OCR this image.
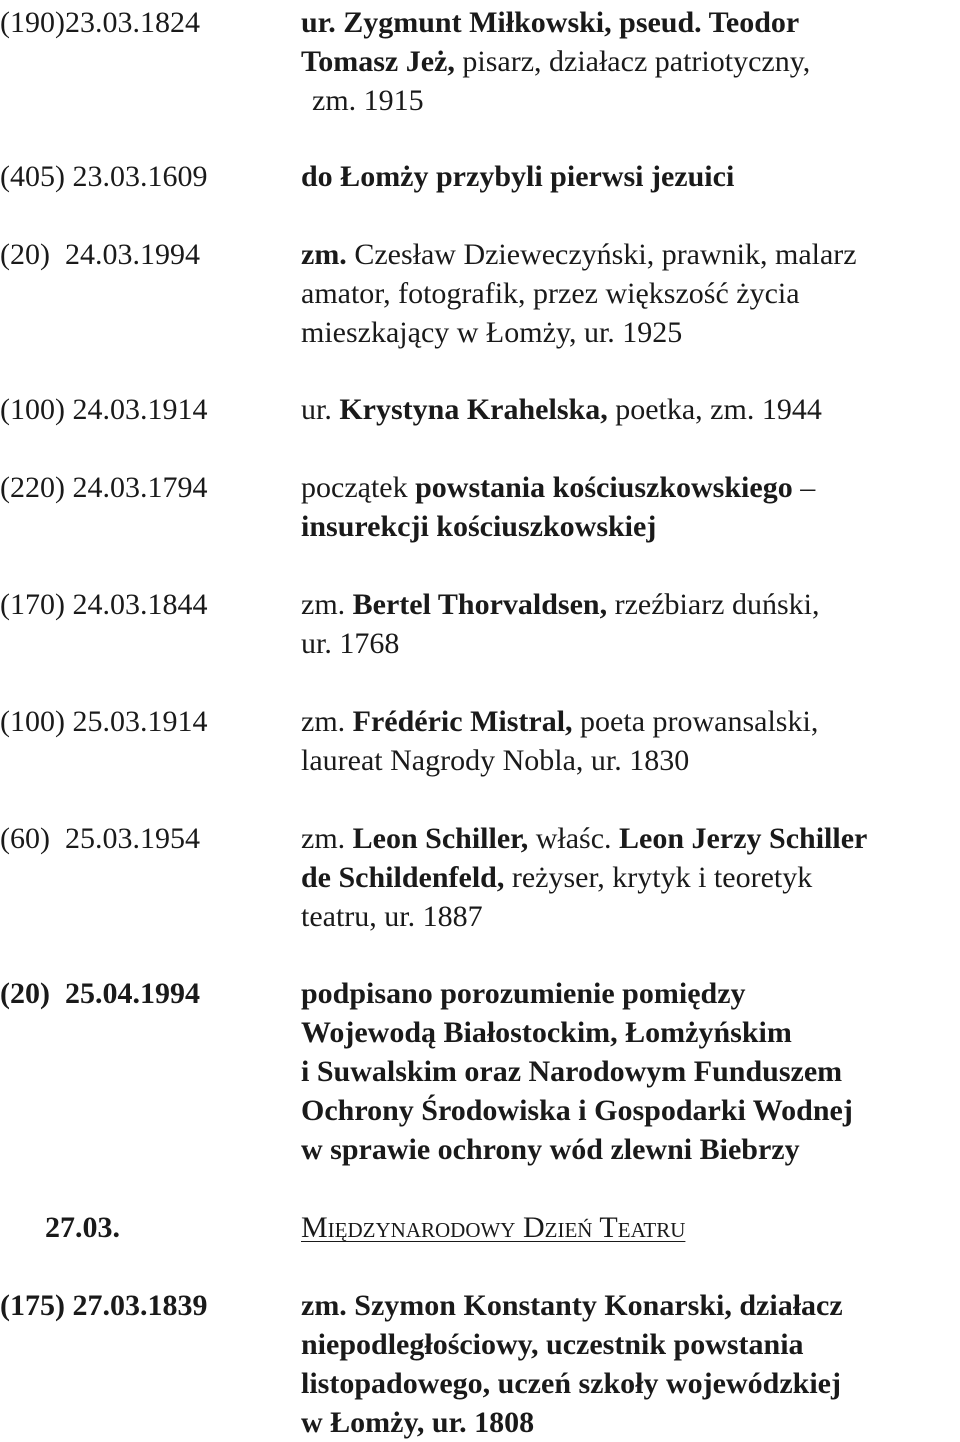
(190)23.03.1824	ur. Zygmunt Miłkowski, pseud. Teodor
Tomasz Jeż, pisarz, działacz patriotyczny,
zm. 1915
(405) 23.03.1609	do Łomży przybyli pierwsi jezuici
(20)  24.03.1994	zm. Czesław Dzieweczyński, prawnik, malarz
amator, fotografik, przez większość życia
mieszkający w Łomży, ur. 1925
(100) 24.03.1914	ur. Krystyna Krahelska, poetka, zm. 1944
(220) 24.03.1794	początek powstania kościuszkowskiego –
insurekcji kościuszkowskiej
(170) 24.03.1844	zm. Bertel Thorvaldsen, rzeźbiarz duński,
ur. 1768
(100) 25.03.1914	zm. Frédéric Mistral, poeta prowansalski,
laureat Nagrody Nobla, ur. 1830
(60)  25.03.1954	zm. Leon Schiller, właśc. Leon Jerzy Schiller
de Schildenfeld, reżyser, krytyk i teoretyk
teatru, ur. 1887
(20)  25.04.1994	podpisano porozumienie pomiędzy
Wojewodą Białostockim, Łomżyńskim
i Suwalskim oraz Narodowym Funduszem
Ochrony Środowiska i Gospodarki Wodnej
w sprawie ochrony wód zlewni Biebrzy
27.03.	Międzynarodowy Dzień Teatru
(175) 27.03.1839	zm. Szymon Konstanty Konarski, działacz
niepodległościowy, uczestnik powstania
listopadowego, uczeń szkoły wojewódzkiej
w Łomży, ur. 1808
